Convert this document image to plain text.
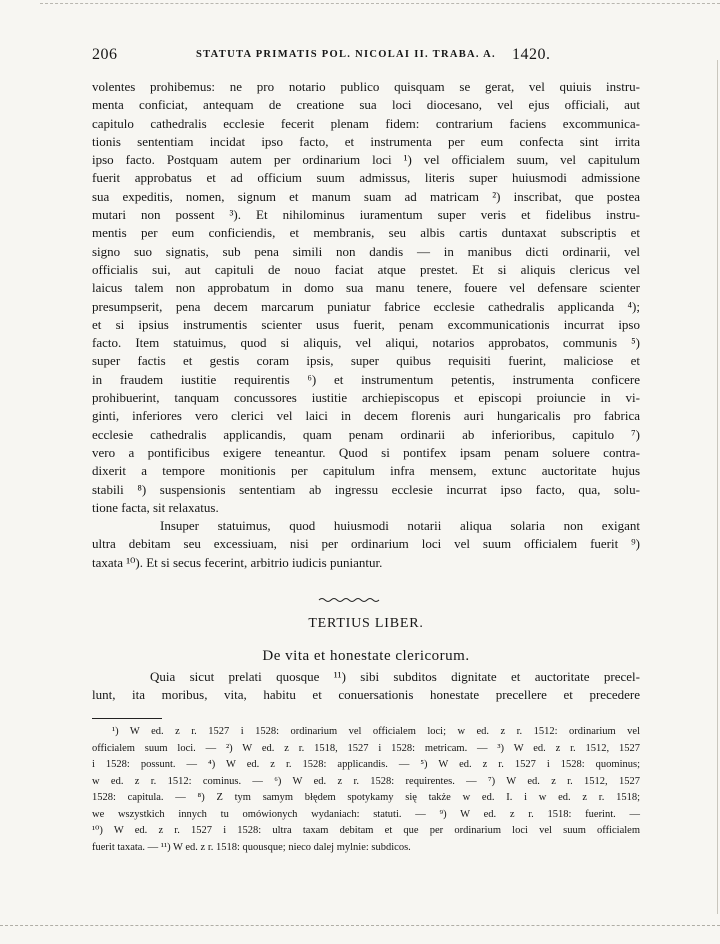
206	STATUTA PRIMATIS POL. NICOLAI II. TRABA. A. 1420.
volentes prohibemus: ne pro notario publico quisquam se gerat, vel quiuis instru-
menta conficiat, antequam de creatione sua loci diocesano, vel ejus officiali, aut
capitulo cathedralis ecclesie fecerit plenam fidem: contrarium faciens excommunica-
tionis sententiam incidat ipso facto, et instrumenta per eum confecta sint irrita
ipso facto. Postquam autem per ordinarium loci ¹) vel officialem suum, vel capitulum
fuerit approbatus et ad officium suum admissus, literis super huiusmodi admissione
sua expeditis, nomen, signum et manum suam ad matricam ²) inscribat, que postea
mutari non possent ³). Et nihilominus iuramentum super veris et fidelibus instru-
mentis per eum conficiendis, et membranis, seu albis cartis duntaxat subscriptis et
signo suo signatis, sub pena simili non dandis — in manibus dicti ordinarii, vel
officialis sui, aut capituli de nouo faciat atque prestet. Et si aliquis clericus vel
laicus talem non approbatum in domo sua manu tenere, fouere vel defensare scienter
presumpserit, pena decem marcarum puniatur fabrice ecclesie cathedralis applicanda ⁴);
et si ipsius instrumentis scienter usus fuerit, penam excommunicationis incurrat ipso
facto. Item statuimus, quod si aliquis, vel aliqui, notarios approbatos, communis ⁵)
super factis et gestis coram ipsis, super quibus requisiti fuerint, maliciose et
in fraudem iustitie requirentis ⁶) et instrumentum petentis, instrumenta conficere
prohibuerint, tanquam concussores iustitie archiepiscopus et episcopi proiuncie in vi-
ginti, inferiores vero clerici vel laici in decem florenis auri hungaricalis pro fabrica
ecclesie cathedralis applicandis, quam penam ordinarii ab inferioribus, capitulo ⁷)
vero a pontificibus exigere teneantur. Quod si pontifex ipsam penam soluere contra-
dixerit a tempore monitionis per capitulum infra mensem, extunc auctoritate hujus
stabili ⁸) suspensionis sententiam ab ingressu ecclesie incurrat ipso facto, qua, solu-
tione facta, sit relaxatus.
Insuper statuimus, quod huiusmodi notarii aliqua solaria non exigant
ultra debitam seu excessiuam, nisi per ordinarium loci vel suum officialem fuerit ⁹)
taxata ¹⁰). Et si secus fecerint, arbitrio iudicis puniantur.
TERTIUS LIBER.
De vita et honestate clericorum.
Quia sicut prelati quosque ¹¹) sibi subditos dignitate et auctoritate precel-
lunt, ita moribus, vita, habitu et conuersationis honestate precellere et precedere
¹) W ed. z r. 1527 i 1528: ordinarium vel officialem loci; w ed. z r. 1512: ordinarium vel
officialem suum loci. — ²) W ed. z r. 1518, 1527 i 1528: metricam. — ³) W ed. z r. 1512, 1527
i 1528: possunt. — ⁴) W ed. z r. 1528: applicandis. — ⁵) W ed. z r. 1527 i 1528: quominus;
w ed. z r. 1512: cominus. — ⁶) W ed. z r. 1528: requirentes. — ⁷) W ed. z r. 1512, 1527
1528: capitula. — ⁸) Z tym samym błędem spotykamy się także w ed. I. i w ed. z r. 1518;
we wszystkich innych tu omówionych wydaniach: statuti. — ⁹) W ed. z r. 1518: fuerint. —
¹⁰) W ed. z r. 1527 i 1528: ultra taxam debitam et que per ordinarium loci vel suum officialem
fuerit taxata. — ¹¹) W ed. z r. 1518: quousque; nieco dalej mylnie: subdicos.
